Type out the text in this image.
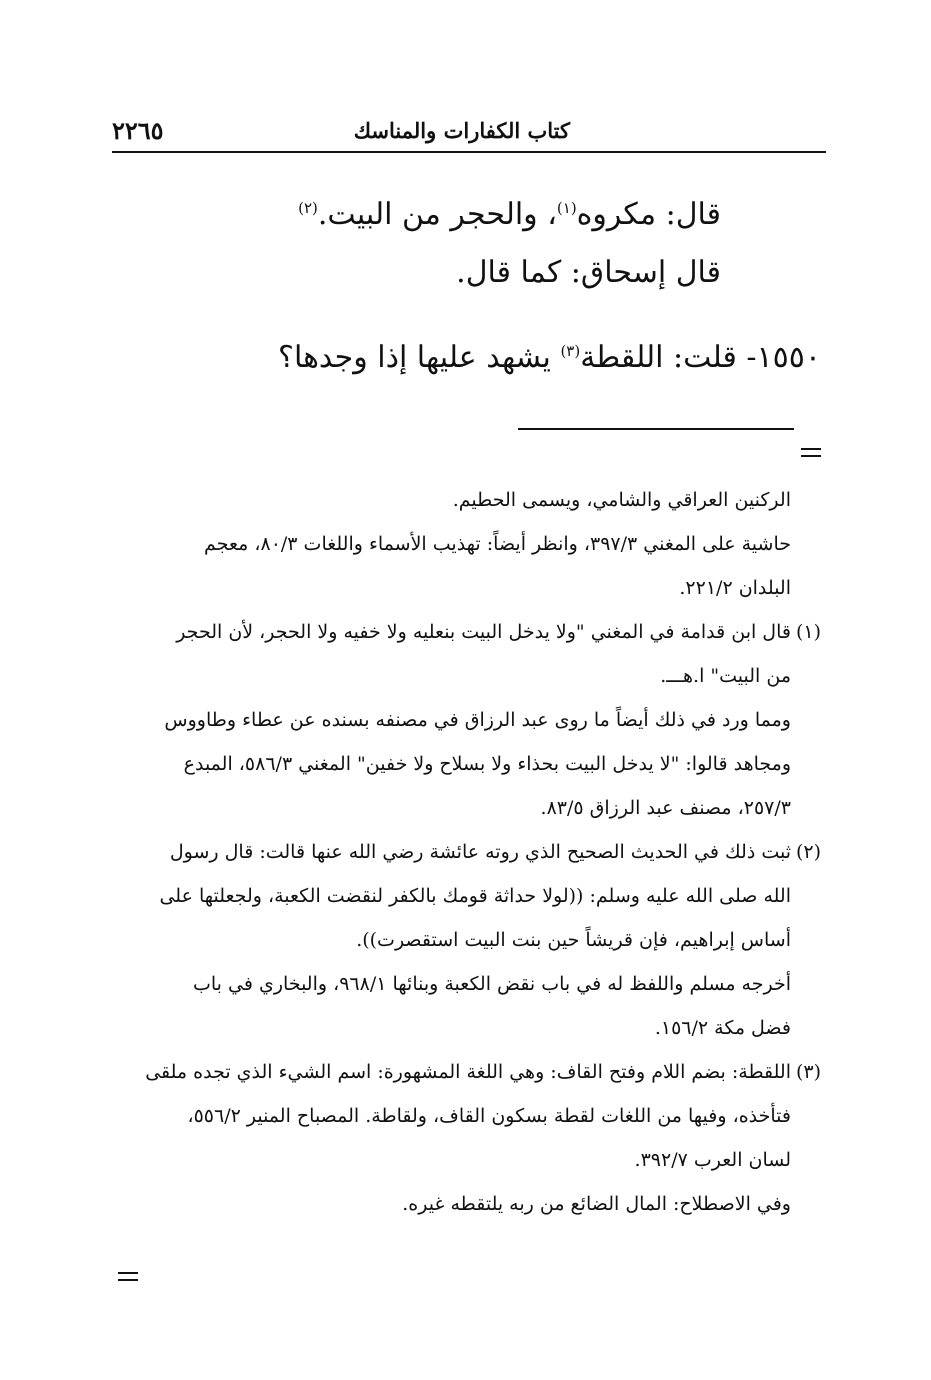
٢٢٦٥	كتاب الكفارات والمناسك
قال: مكروه$^{(١)}$، والحجر من البيت.$^{(٢)}$
قال إسحاق: كما قال.
١٥٥٠- قلت: اللقطة$^{(٣)}$ يشهد عليها إذا وجدها؟
الركنين العراقي والشامي، ويسمى الحطيم.
حاشية على المغني ٣٩٧/٣، وانظر أيضاً: تهذيب الأسماء واللغات ٨٠/٣، معجم
البلدان ٢٢١/٢.
(١)قال ابن قدامة في المغني "ولا يدخل البيت بنعليه ولا خفيه ولا الحجر، لأن الحجر
من البيت" ا.هـــ.
ومما ورد في ذلك أيضاً ما روى عبد الرزاق في مصنفه بسنده عن عطاء وطاووس
ومجاهد قالوا: "لا يدخل البيت بحذاء ولا بسلاح ولا خفين" المغني ٥٨٦/٣، المبدع
٢٥٧/٣، مصنف عبد الرزاق ٨٣/٥.
(٢)ثبت ذلك في الحديث الصحيح الذي روته عائشة رضي الله عنها قالت: قال رسول
الله صلى الله عليه وسلم: ((لولا حداثة قومك بالكفر لنقضت الكعبة، ولجعلتها على
أساس إبراهيم، فإن قريشاً حين بنت البيت استقصرت)).
أخرجه مسلم واللفظ له في باب نقض الكعبة وبنائها ٩٦٨/١، والبخاري في باب
فضل مكة ١٥٦/٢.
(٣)اللقطة: بضم اللام وفتح القاف: وهي اللغة المشهورة: اسم الشيء الذي تجده ملقى
فتأخذه، وفيها من اللغات لقطة بسكون القاف، ولقاطة. المصباح المنير ٥٥٦/٢،
لسان العرب ٣٩٢/٧.
وفي الاصطلاح: المال الضائع من ربه يلتقطه غيره.
